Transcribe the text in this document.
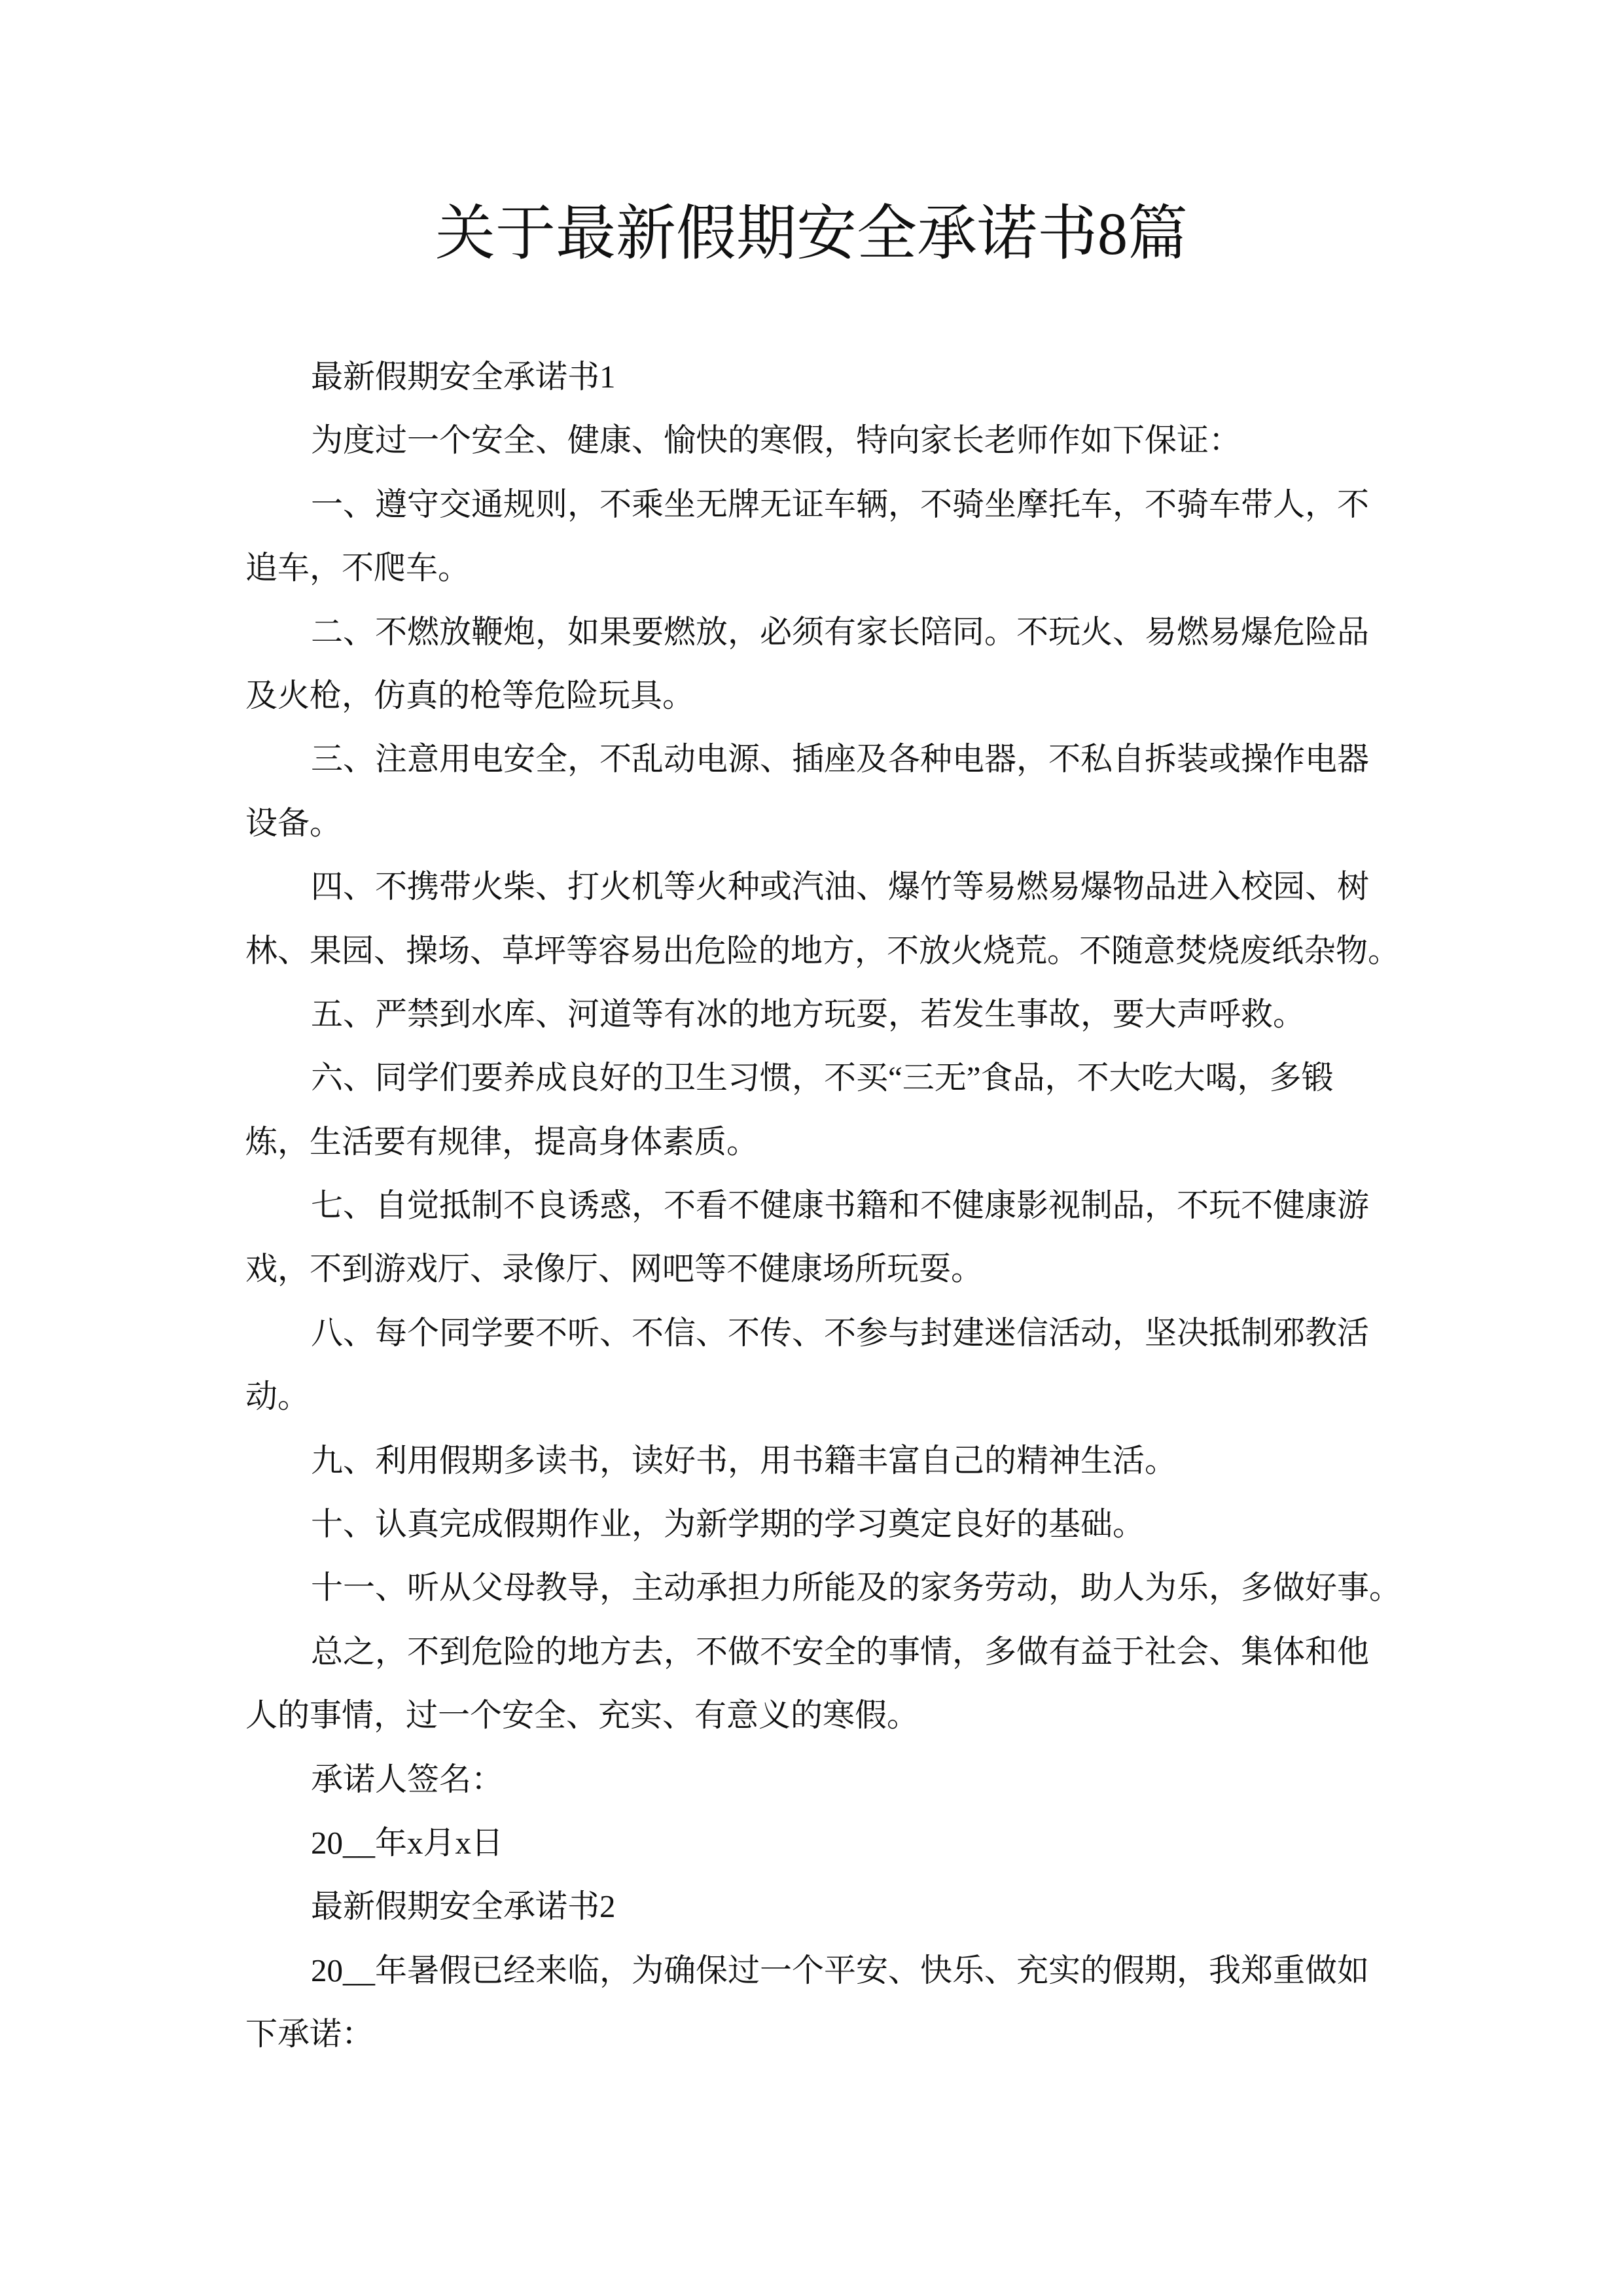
关于最新假期安全承诺书8篇
最新假期安全承诺书1
为度过一个安全、健康、愉快的寒假，特向家长老师作如下保证：
一、遵守交通规则，不乘坐无牌无证车辆，不骑坐摩托车，不骑车带人，不
追车，不爬车。
二、不燃放鞭炮，如果要燃放，必须有家长陪同。不玩火、易燃易爆危险品
及火枪，仿真的枪等危险玩具。
三、注意用电安全，不乱动电源、插座及各种电器，不私自拆装或操作电器
设备。
四、不携带火柴、打火机等火种或汽油、爆竹等易燃易爆物品进入校园、树
林、果园、操场、草坪等容易出危险的地方，不放火烧荒。不随意焚烧废纸杂物。
五、严禁到水库、河道等有冰的地方玩耍，若发生事故，要大声呼救。
六、同学们要养成良好的卫生习惯，不买“三无”食品，不大吃大喝，多锻
炼，生活要有规律，提高身体素质。
七、自觉抵制不良诱惑，不看不健康书籍和不健康影视制品，不玩不健康游
戏，不到游戏厅、录像厅、网吧等不健康场所玩耍。
八、每个同学要不听、不信、不传、不参与封建迷信活动，坚决抵制邪教活
动。
九、利用假期多读书，读好书，用书籍丰富自己的精神生活。
十、认真完成假期作业，为新学期的学习奠定良好的基础。
十一、听从父母教导，主动承担力所能及的家务劳动，助人为乐，多做好事。
总之，不到危险的地方去，不做不安全的事情，多做有益于社会、集体和他
人的事情，过一个安全、充实、有意义的寒假。
承诺人签名：
20__年x月x日
最新假期安全承诺书2
20__年暑假已经来临，为确保过一个平安、快乐、充实的假期，我郑重做如
下承诺：
